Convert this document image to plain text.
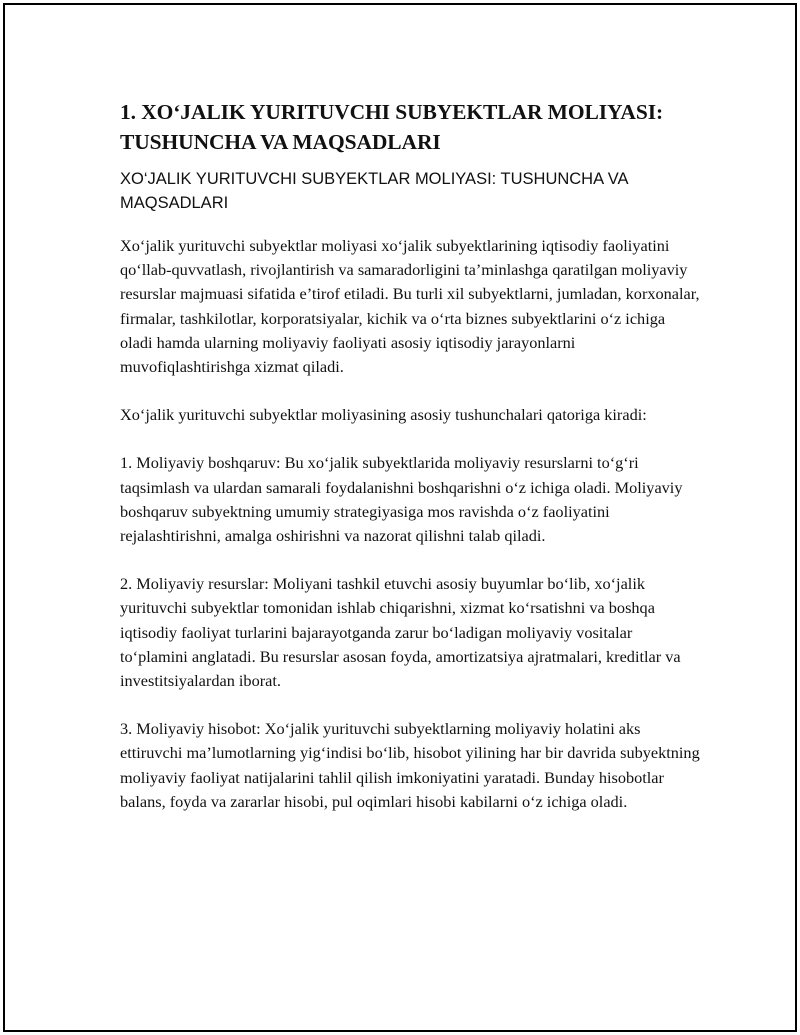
1. XO‘JALIK YURITUVCHI SUBYEKTLAR MOLIYASI: TUSHUNCHA VA MAQSADLARI
XO‘JALIK YURITUVCHI SUBYEKTLAR MOLIYASI: TUSHUNCHA VA MAQSADLARI

Xo‘jalik yurituvchi subyektlar moliyasi xo‘jalik subyektlarining iqtisodiy faoliyatini qo‘llab-quvvatlash, rivojlantirish va samaradorligini ta’minlashga qaratilgan moliyaviy resurslar majmuasi sifatida e’tirof etiladi. Bu turli xil subyektlarni, jumladan, korxonalar, firmalar, tashkilotlar, korporatsiyalar, kichik va o‘rta biznes subyektlarini o‘z ichiga oladi hamda ularning moliyaviy faoliyati asosiy iqtisodiy jarayonlarni muvofiqlashtirishga xizmat qiladi.

Xo‘jalik yurituvchi subyektlar moliyasining asosiy tushunchalari qatoriga kiradi:

1. Moliyaviy boshqaruv: Bu xo‘jalik subyektlarida moliyaviy resurslarni to‘g‘ri taqsimlash va ulardan samarali foydalanishni boshqarishni o‘z ichiga oladi. Moliyaviy boshqaruv subyektning umumiy strategiyasiga mos ravishda o‘z faoliyatini rejalashtirishni, amalga oshirishni va nazorat qilishni talab qiladi.

2. Moliyaviy resurslar: Moliyani tashkil etuvchi asosiy buyumlar bo‘lib, xo‘jalik yurituvchi subyektlar tomonidan ishlab chiqarishni, xizmat ko‘rsatishni va boshqa iqtisodiy faoliyat turlarini bajarayotganda zarur bo‘ladigan moliyaviy vositalar to‘plamini anglatadi. Bu resurslar asosan foyda, amortizatsiya ajratmalari, kreditlar va investitsiyalardan iborat.

3. Moliyaviy hisobot: Xo‘jalik yurituvchi subyektlarning moliyaviy holatini aks ettiruvchi ma’lumotlarning yig‘indisi bo‘lib, hisobot yilining har bir davrida subyektning moliyaviy faoliyat natijalarini tahlil qilish imkoniyatini yaratadi. Bunday hisobotlar balans, foyda va zararlar hisobi, pul oqimlari hisobi kabilarni o‘z ichiga oladi.
